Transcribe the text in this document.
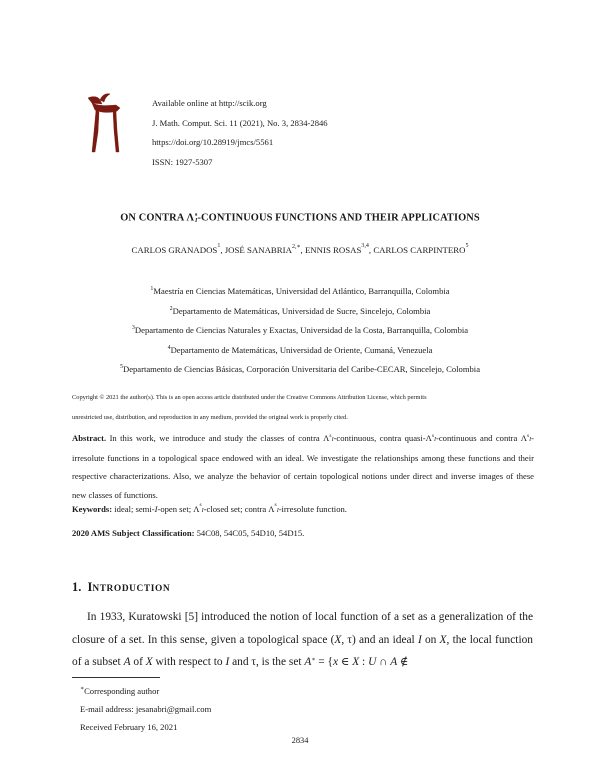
Available online at http://scik.org
J. Math. Comput. Sci. 11 (2021), No. 3, 2834-2846
https://doi.org/10.28919/jmcs/5561
ISSN: 1927-5307
ON CONTRA Λ s
I -CONTINUOUS FUNCTIONS AND THEIR APPLICATIONS
CARLOS GRANADOS$^1$, JOSÉ $SANABRIA^{2,∗}$, ENNIS ROSAS$^{3,4}$, CARLOS CARPINTERO$^5$
$^1$Maestría en Ciencias Matemáticas, Universidad del Atlántico, Barranquilla, Colombia
$^2$Departamento de Matemáticas, Universidad de Sucre, Sincelejo, Colombia
$^3$Departamento de Ciencias Naturales y Exactas, Universidad de la Costa, Barranquilla, Colombia
$^4$Departamento de Matemáticas, Universidad de Oriente, Cumaná, Venezuela
$^5$Departamento de Ciencias Básicas, Corporación Universitaria del Caribe-CECAR, Sincelejo, Colombia
Copyright © 2021 the author(s). This is an open access article distributed under the Creative Commons Attribution License, which permits
unrestricted use, distribution, and reproduction in any medium, provided the original work is properly cited.
Abstract. In this work, we introduce and study the classes of contra $\Lambda^sI$-continuous, contra quasi-$\Lambda^sI$-continuous and contra $\Lambda^sI$-irresolute functions in a topological space endowed with an ideal. We investigate the relationships among these functions and their respective characterizations. Also, we analyze the behavior of certain topological notions under direct and inverse images of these new classes of functions.
Keywords: ideal; semi-I-open set; $\Lambda^sI$-closed set; contra $\Lambda^sI$-irresolute function.
2020 AMS Subject Classification: 54C08, 54C05, 54D10, 54D15.
1. INTRODUCTION

In 1933, Kuratowski [5] introduced the notion of local function of a set as a generalization of the closure of a set. In this sense, given a topological space (X, τ) and an ideal I on X, the local function of a subset A of X with respect to I and τ, is the set A∗ = {x ∈ X : U ∩ A ∉

∗Corresponding author
E-mail address: jesanabri@gmail.com
Received February 16, 2021
2834
